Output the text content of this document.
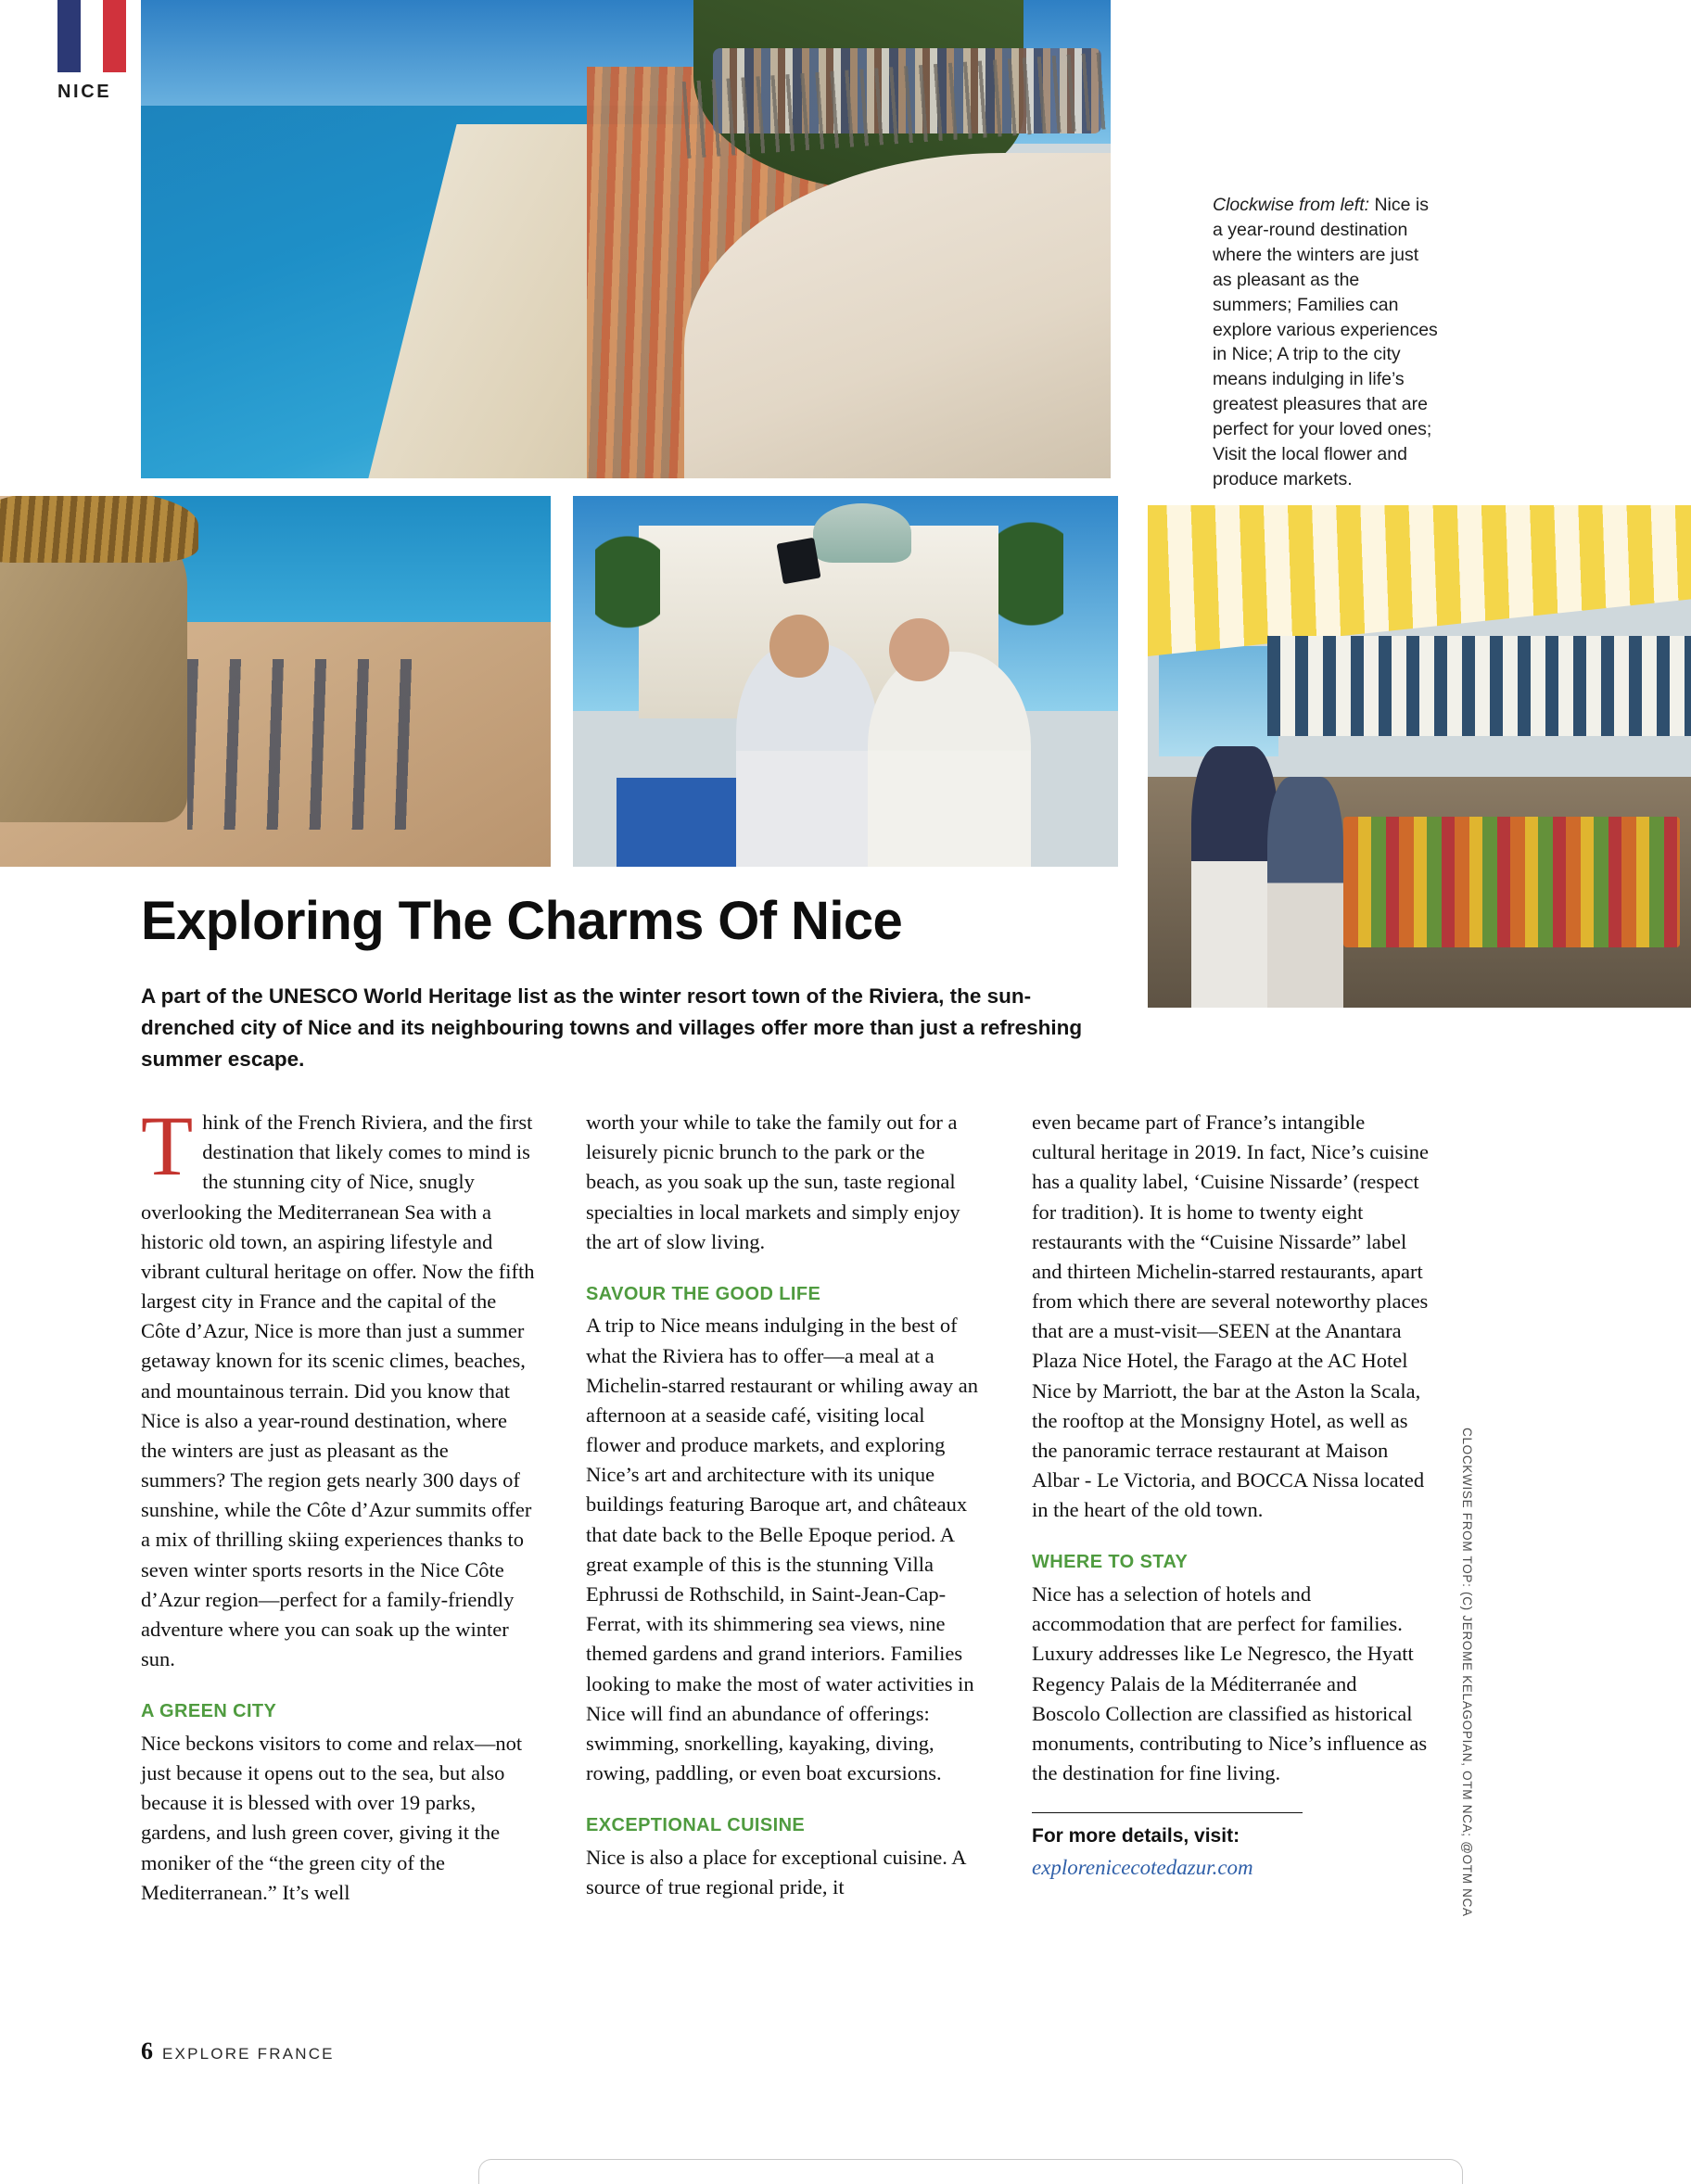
NICE
Clockwise from left: Nice is a year-round destination where the winters are just as pleasant as the summers; Families can explore various experiences in Nice; A trip to the city means indulging in life’s greatest pleasures that are perfect for your loved ones; Visit the local flower and produce markets.
Exploring The Charms Of Nice
A part of the UNESCO World Heritage list as the winter resort town of the Riviera, the sun-drenched city of Nice and its neighbouring towns and villages offer more than just a refreshing summer escape.

Think of the French Riviera, and the first destination that likely comes to mind is the stunning city of Nice, snugly overlooking the Mediterranean Sea with a historic old town, an aspiring lifestyle and vibrant cultural heritage on offer. Now the fifth largest city in France and the capital of the Côte d’Azur, Nice is more than just a summer getaway known for its scenic climes, beaches, and mountainous terrain. Did you know that Nice is also a year-round destination, where the winters are just as pleasant as the summers? The region gets nearly 300 days of sunshine, while the Côte d’Azur summits offer a mix of thrilling skiing experiences thanks to seven winter sports resorts in the Nice Côte d’Azur region—perfect for a family-friendly adventure where you can soak up the winter sun.

A GREEN CITY

Nice beckons visitors to come and relax—not just because it opens out to the sea, but also because it is blessed with over 19 parks, gardens, and lush green cover, giving it the moniker of the “the green city of the Mediterranean.” It’s well

worth your while to take the family out for a leisurely picnic brunch to the park or the beach, as you soak up the sun, taste regional specialties in local markets and simply enjoy the art of slow living.

SAVOUR THE GOOD LIFE

A trip to Nice means indulging in the best of what the Riviera has to offer—a meal at a Michelin-starred restaurant or whiling away an afternoon at a seaside café, visiting local flower and produce markets, and exploring Nice’s art and architecture with its unique buildings featuring Baroque art, and châteaux that date back to the Belle Epoque period. A great example of this is the stunning Villa Ephrussi de Rothschild, in Saint-Jean-Cap-Ferrat, with its shimmering sea views, nine themed gardens and grand interiors. Families looking to make the most of water activities in Nice will find an abundance of offerings: swimming, snorkelling, kayaking, diving, rowing, paddling, or even boat excursions.

EXCEPTIONAL CUISINE

Nice is also a place for exceptional cuisine. A source of true regional pride, it

even became part of France’s intangible cultural heritage in 2019. In fact, Nice’s cuisine has a quality label, ‘Cuisine Nissarde’ (respect for tradition). It is home to twenty eight restaurants with the “Cuisine Nissarde” label and thirteen Michelin-starred restaurants, apart from which there are several noteworthy places that are a must-visit—SEEN at the Anantara Plaza Nice Hotel, the Farago at the AC Hotel Nice by Marriott, the bar at the Aston la Scala, the rooftop at the Monsigny Hotel, as well as the panoramic terrace restaurant at Maison Albar - Le Victoria, and BOCCA Nissa located in the heart of the old town.

WHERE TO STAY

Nice has a selection of hotels and accommodation that are perfect for families. Luxury addresses like Le Negresco, the Hyatt Regency Palais de la Méditerranée and Boscolo Collection are classified as historical monuments, contributing to Nice’s influence as the destination for fine living.

For more details, visit:
explorenicecotedazur.com	CLOCKWISE FROM TOP: (C) JEROME KELAGOPIAN, OTM NCA; @OTM NCA
6 EXPLORE FRANCE
